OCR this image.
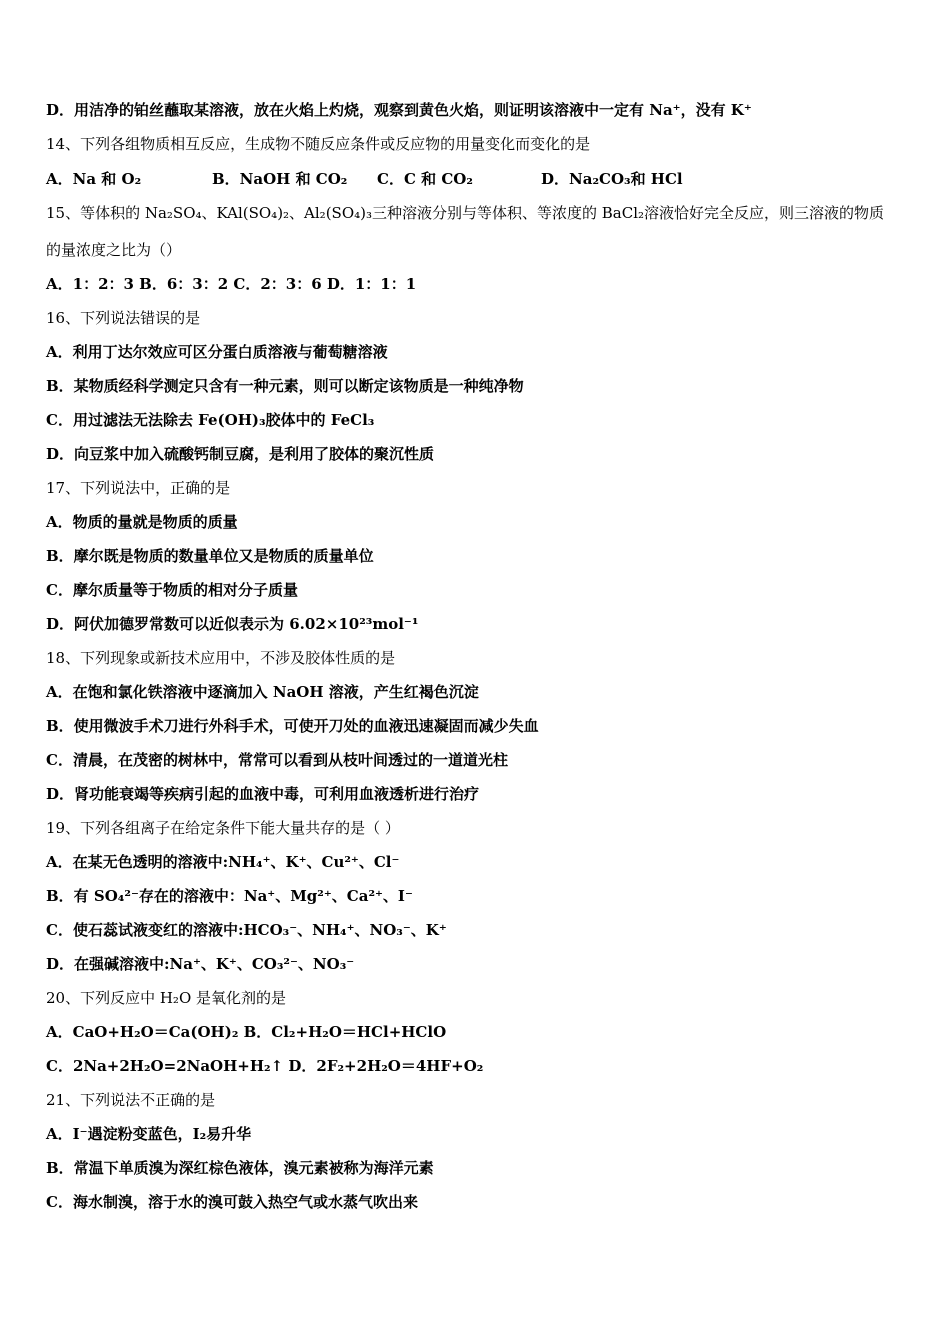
D．用洁净的铂丝蘸取某溶液，放在火焰上灼烧，观察到黄色火焰，则证明该溶液中一定有 Na⁺，没有 K⁺
14、下列各组物质相互反应，生成物不随反应条件或反应物的用量变化而变化的是
A．Na 和 O₂	B．NaOH 和 CO₂ C．C 和 CO₂	D．Na₂CO₃和 HCl
15、等体积的 Na₂SO₄、KAl(SO₄)₂、Al₂(SO₄)₃三种溶液分别与等体积、等浓度的 BaCl₂溶液恰好完全反应，则三溶液的物质
的量浓度之比为（）
A．1：2：3 B．6：3：2 C．2：3：6 D．1：1：1
16、下列说法错误的是
A．利用丁达尔效应可区分蛋白质溶液与葡萄糖溶液
B．某物质经科学测定只含有一种元素，则可以断定该物质是一种纯净物
C．用过滤法无法除去 Fe(OH)₃胶体中的 FeCl₃
D．向豆浆中加入硫酸钙制豆腐，是利用了胶体的聚沉性质
17、下列说法中，正确的是
A．物质的量就是物质的质量
B．摩尔既是物质的数量单位又是物质的质量单位
C．摩尔质量等于物质的相对分子质量
D．阿伏加德罗常数可以近似表示为 6.02×10²³mol⁻¹
18、下列现象或新技术应用中，不涉及胶体性质的是
A．在饱和氯化铁溶液中逐滴加入 NaOH 溶液，产生红褐色沉淀
B．使用微波手术刀进行外科手术，可使开刀处的血液迅速凝固而减少失血
C．清晨，在茂密的树林中，常常可以看到从枝叶间透过的一道道光柱
D．肾功能衰竭等疾病引起的血液中毒，可利用血液透析进行治疗
19、下列各组离子在给定条件下能大量共存的是（ ）
A．在某无色透明的溶液中:NH₄⁺、K⁺、Cu²⁺、Cl⁻
B．有 SO₄²⁻存在的溶液中：Na⁺、Mg²⁺、Ca²⁺、I⁻
C．使石蕊试液变红的溶液中:HCO₃⁻、NH₄⁺、NO₃⁻、K⁺
D．在强碱溶液中:Na⁺、K⁺、CO₃²⁻、NO₃⁻
20、下列反应中 H₂O 是氧化剂的是
A．CaO+H₂O＝Ca(OH)₂ B．Cl₂+H₂O＝HCl+HClO
C．2Na+2H₂O=2NaOH+H₂↑ D．2F₂+2H₂O＝4HF+O₂
21、下列说法不正确的是
A．I⁻遇淀粉变蓝色，I₂易升华
B．常温下单质溴为深红棕色液体，溴元素被称为海洋元素
C．海水制溴，溶于水的溴可鼓入热空气或水蒸气吹出来
